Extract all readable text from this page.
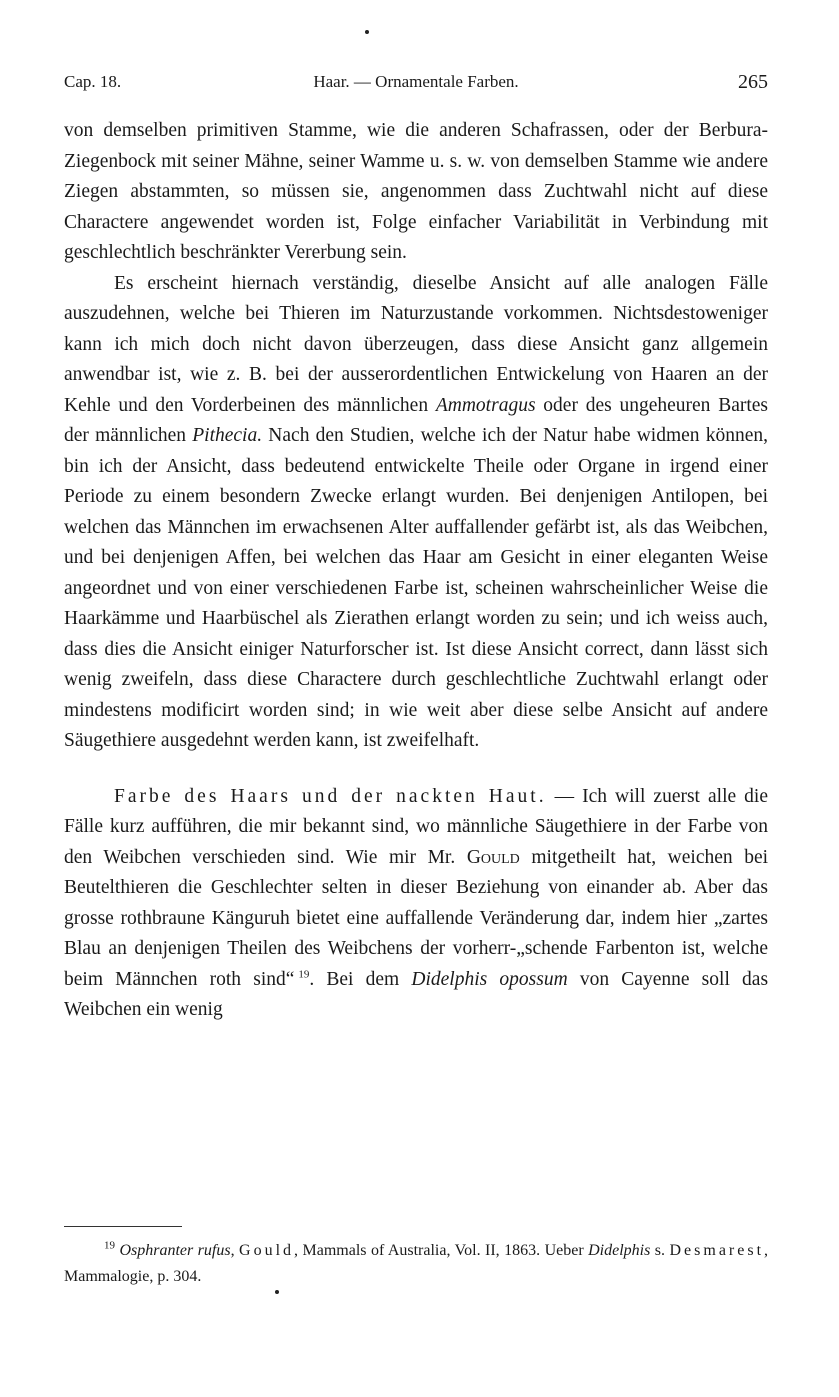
Cap. 18.	Haar. — Ornamentale Farben.	265

von demselben primitiven Stamme, wie die anderen Schafrassen, oder der Berbura-Ziegenbock mit seiner Mähne, seiner Wamme u. s. w. von demselben Stamme wie andere Ziegen abstammten, so müssen sie, angenommen dass Zuchtwahl nicht auf diese Charactere angewendet worden ist, Folge einfacher Variabilität in Verbindung mit geschlechtlich beschränkter Vererbung sein.

Es erscheint hiernach verständig, dieselbe Ansicht auf alle analogen Fälle auszudehnen, welche bei Thieren im Naturzustande vorkommen. Nichtsdestoweniger kann ich mich doch nicht davon überzeugen, dass diese Ansicht ganz allgemein anwendbar ist, wie z. B. bei der ausserordentlichen Entwickelung von Haaren an der Kehle und den Vorderbeinen des männlichen Ammotragus oder des ungeheuren Bartes der männlichen Pithecia. Nach den Studien, welche ich der Natur habe widmen können, bin ich der Ansicht, dass bedeutend entwickelte Theile oder Organe in irgend einer Periode zu einem besondern Zwecke erlangt wurden. Bei denjenigen Antilopen, bei welchen das Männchen im erwachsenen Alter auffallender gefärbt ist, als das Weibchen, und bei denjenigen Affen, bei welchen das Haar am Gesicht in einer eleganten Weise angeordnet und von einer verschiedenen Farbe ist, scheinen wahrscheinlicher Weise die Haarkämme und Haarbüschel als Zierathen erlangt worden zu sein; und ich weiss auch, dass dies die Ansicht einiger Naturforscher ist. Ist diese Ansicht correct, dann lässt sich wenig zweifeln, dass diese Charactere durch geschlechtliche Zuchtwahl erlangt oder mindestens modificirt worden sind; in wie weit aber diese selbe Ansicht auf andere Säugethiere ausgedehnt werden kann, ist zweifelhaft.

Farbe des Haars und der nackten Haut. — Ich will zuerst alle die Fälle kurz aufführen, die mir bekannt sind, wo männliche Säugethiere in der Farbe von den Weibchen verschieden sind. Wie mir Mr. Gould mitgetheilt hat, weichen bei Beutelthieren die Geschlechter selten in dieser Beziehung von einander ab. Aber das grosse rothbraune Känguruh bietet eine auffallende Veränderung dar, indem hier „zartes Blau an denjenigen Theilen des Weibchens der vorherr-„schende Farbenton ist, welche beim Männchen roth sind“  $^{19}$. Bei dem Didelphis opossum von Cayenne soll das Weibchen ein wenig

$^{19}$ Osphranter rufus, Gould, Mammals of Australia, Vol. II, 1863. Ueber Didelphis s. Desmarest, Mammalogie, p. 304.
